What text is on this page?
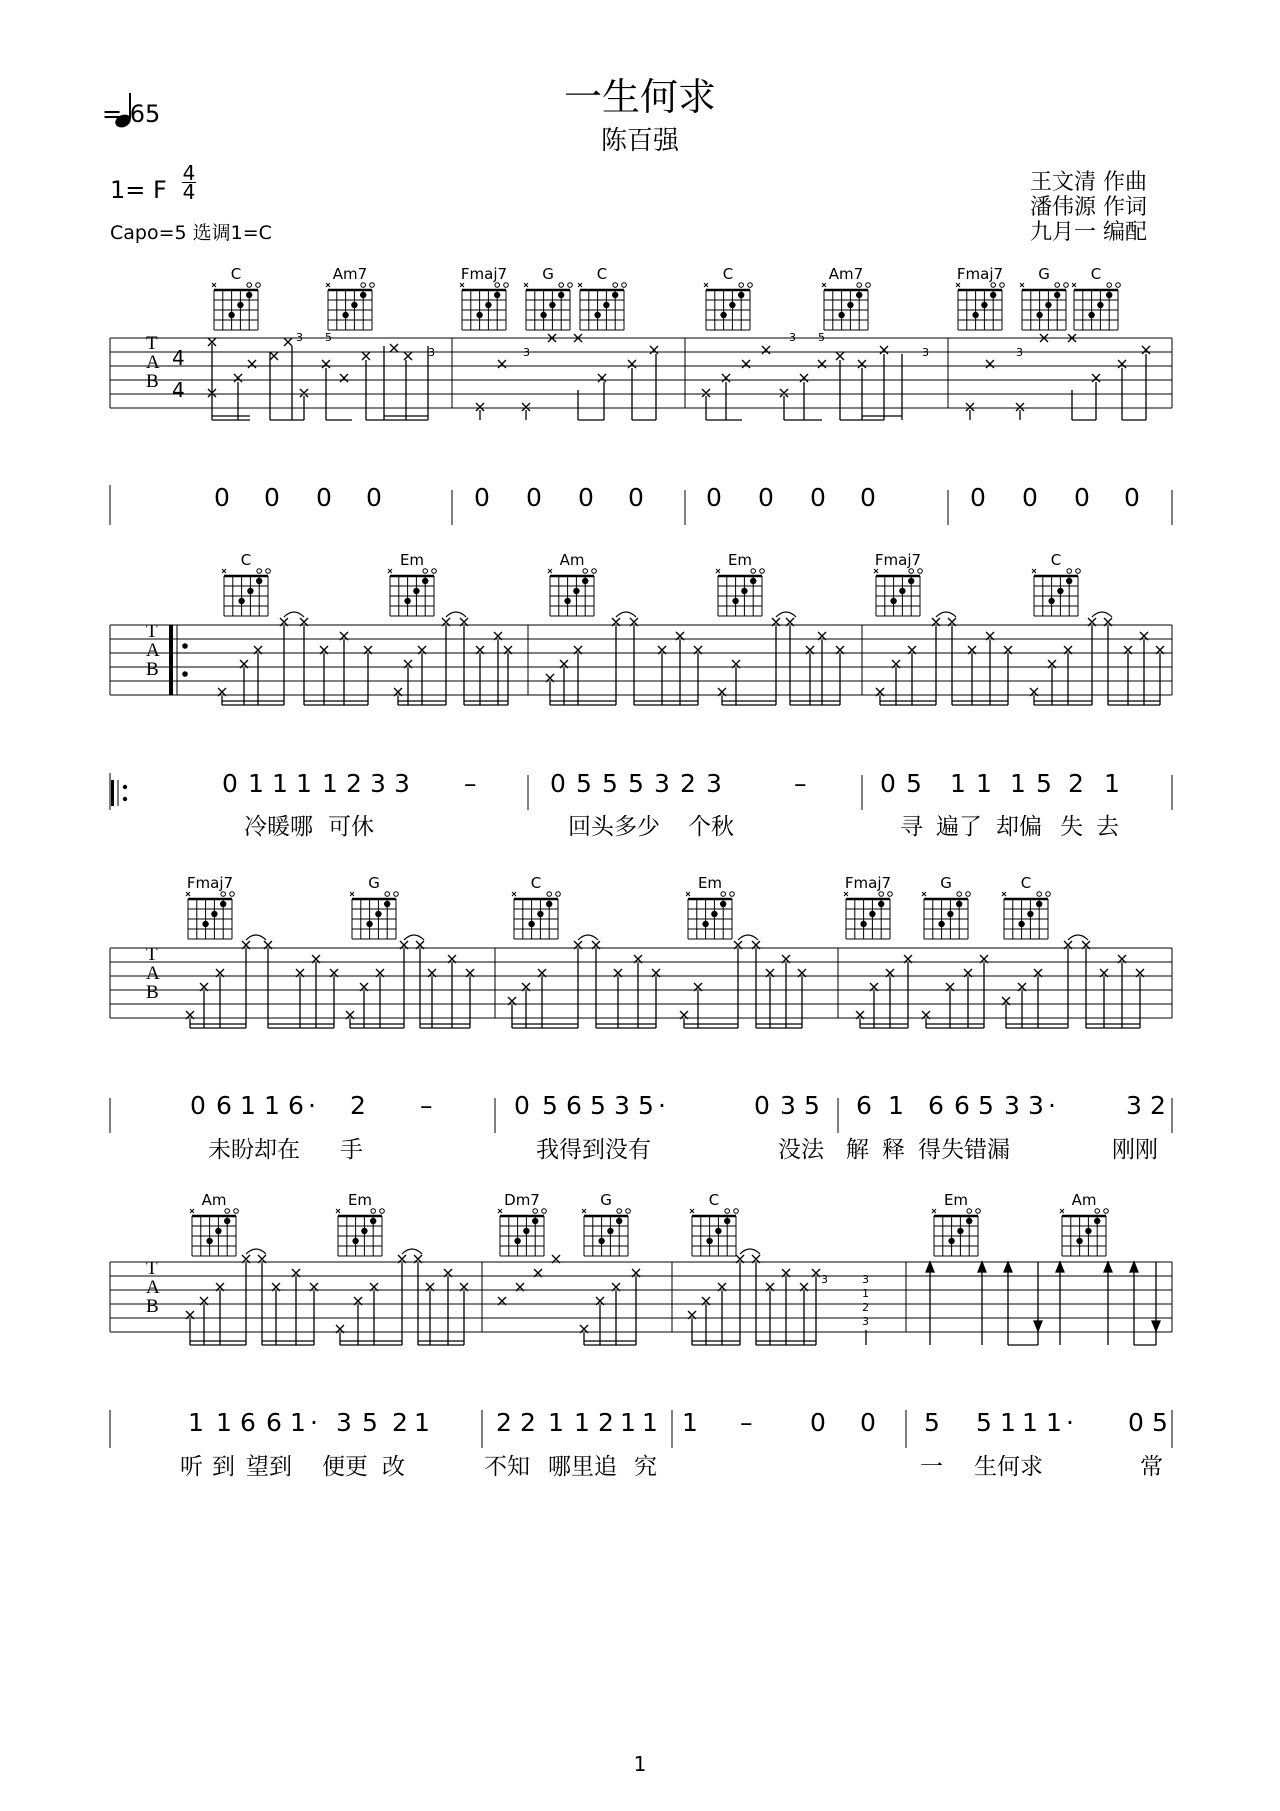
一生何求
陈百强
4
4
3 5
3	3
3 5
3	3
3	3
1
2
3
= 65
1= F
4
4
Capo=5 选调1=C
王文清 作曲
潘伟源 作词
九月一 编配
T
A
B
T
A
B
T
A
B
T
A
B
C	Am7	Fmaj7	G	C	C	Am7	Fmaj7	G	C
C	Em	Am	Em	Fmaj7	C
Fmaj7	G	C	Em	Fmaj7	G	C
Am	Em	Dm7	G	C	Em	Am
0 0 0 0	0 0 0 0 0 0 0 0	0 0 0 0
0 1 1 1 1 2 3 3 –	0 5 5 5 3 2 3	–	0 5 1 1 1 5 2 1
0 6 1 1 6 · 2 –	0 5 6 5 3 5 ·	0 3 5 6 1 6 6 5 3 3 ·	3 2
1 1 6 6 1 · 3 5 2 1	2 2 1 1 2 1 1 1 – 0 0 5 5 1 1 1 · 0 5
冷暖哪 可休	回头多少 个秋	寻 遍了 却偏 失 去
未盼却在 手	我得到没有	没法 解 释 得失错漏	刚刚
听 到 望到 便更 改	不知 哪里追 究	一 生何求	常
1
